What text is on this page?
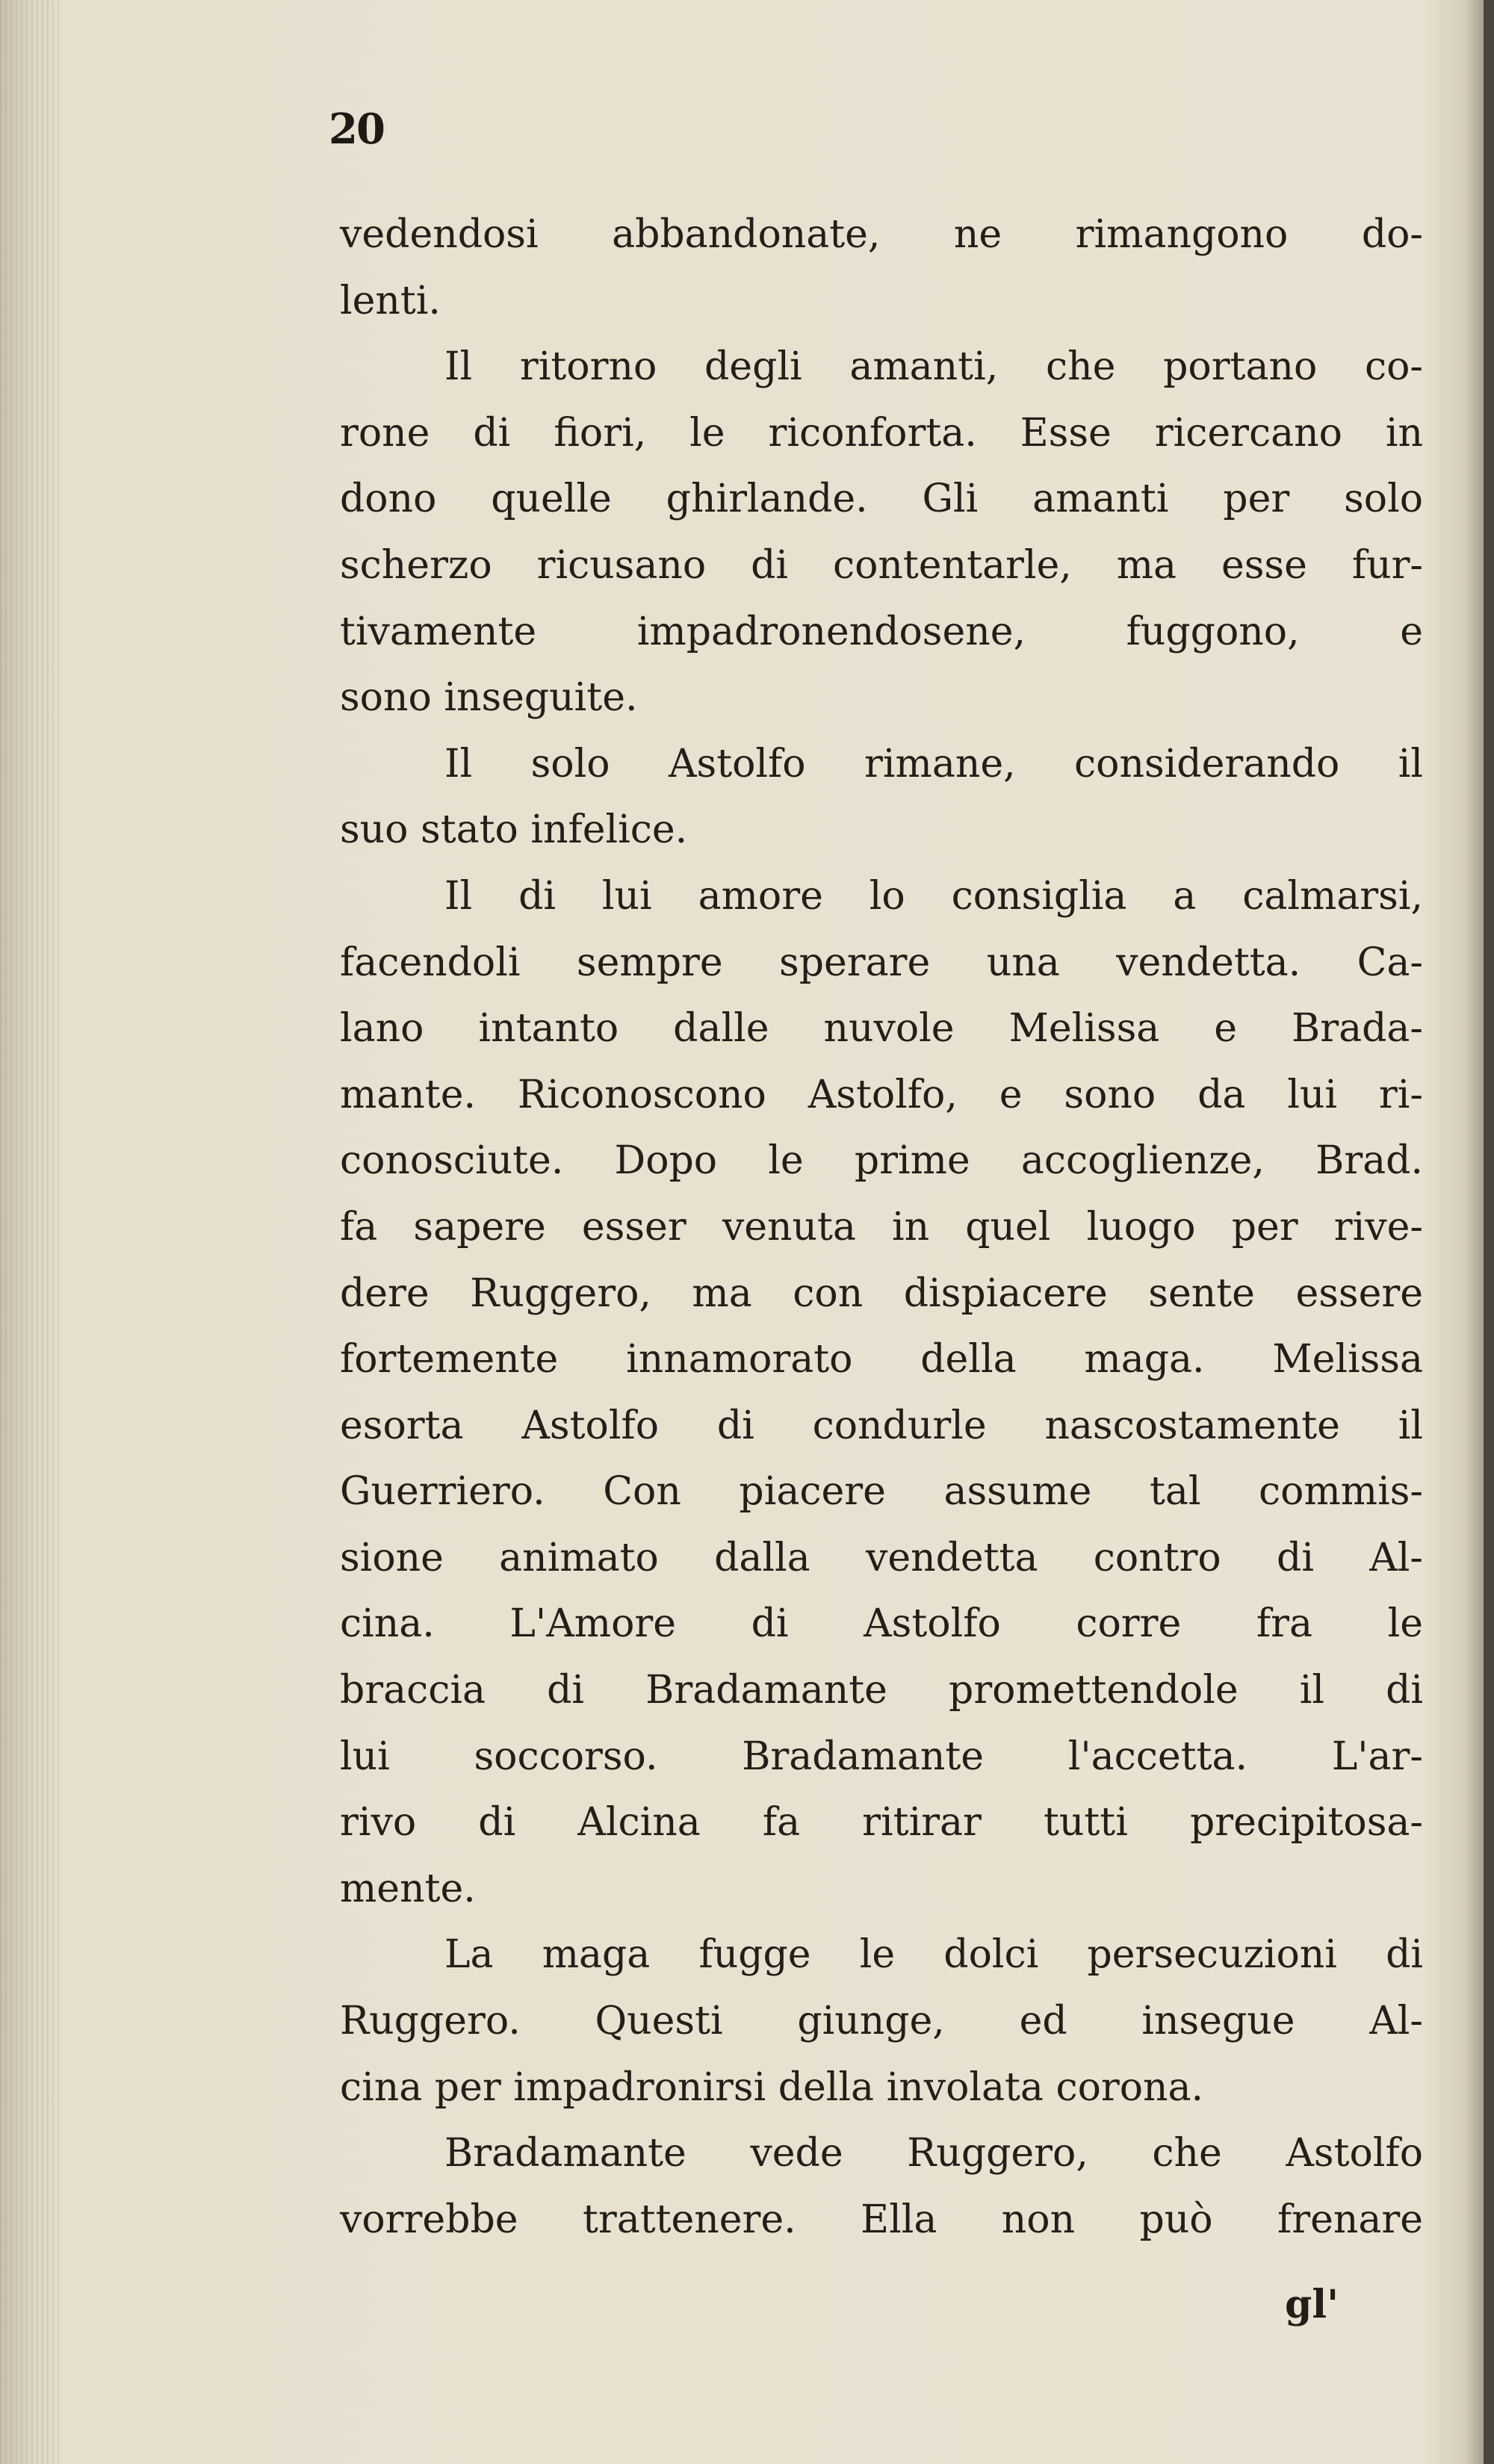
20
vedendosi abbandonate, ne rimangono do-
lenti.
Il ritorno degli amanti, che portano co-
rone di fiori, le riconforta. Esse ricercano in
dono quelle ghirlande. Gli amanti per solo
scherzo ricusano di contentarle, ma esse fur-
tivamente impadronendosene, fuggono, e
sono inseguite.
Il solo Astolfo rimane, considerando il
suo stato infelice.
Il di lui amore lo consiglia a calmarsi,
facendoli sempre sperare una vendetta. Ca-
lano intanto dalle nuvole Melissa e Brada-
mante. Riconoscono Astolfo, e sono da lui ri-
conosciute. Dopo le prime accoglienze, Brad.
fa sapere esser venuta in quel luogo per rive-
dere Ruggero, ma con dispiacere sente essere
fortemente innamorato della maga. Melissa
esorta Astolfo di condurle nascostamente il
Guerriero. Con piacere assume tal commis-
sione animato dalla vendetta contro di Al-
cina. L'Amore di Astolfo corre fra le
braccia di Bradamante promettendole il di
lui soccorso. Bradamante l'accetta. L'ar-
rivo di Alcina fa ritirar tutti precipitosa-
mente.
La maga fugge le dolci persecuzioni di
Ruggero. Questi giunge, ed insegue Al-
cina per impadronirsi della involata corona.
Bradamante vede Ruggero, che Astolfo
vorrebbe trattenere. Ella non può frenare
gl'
